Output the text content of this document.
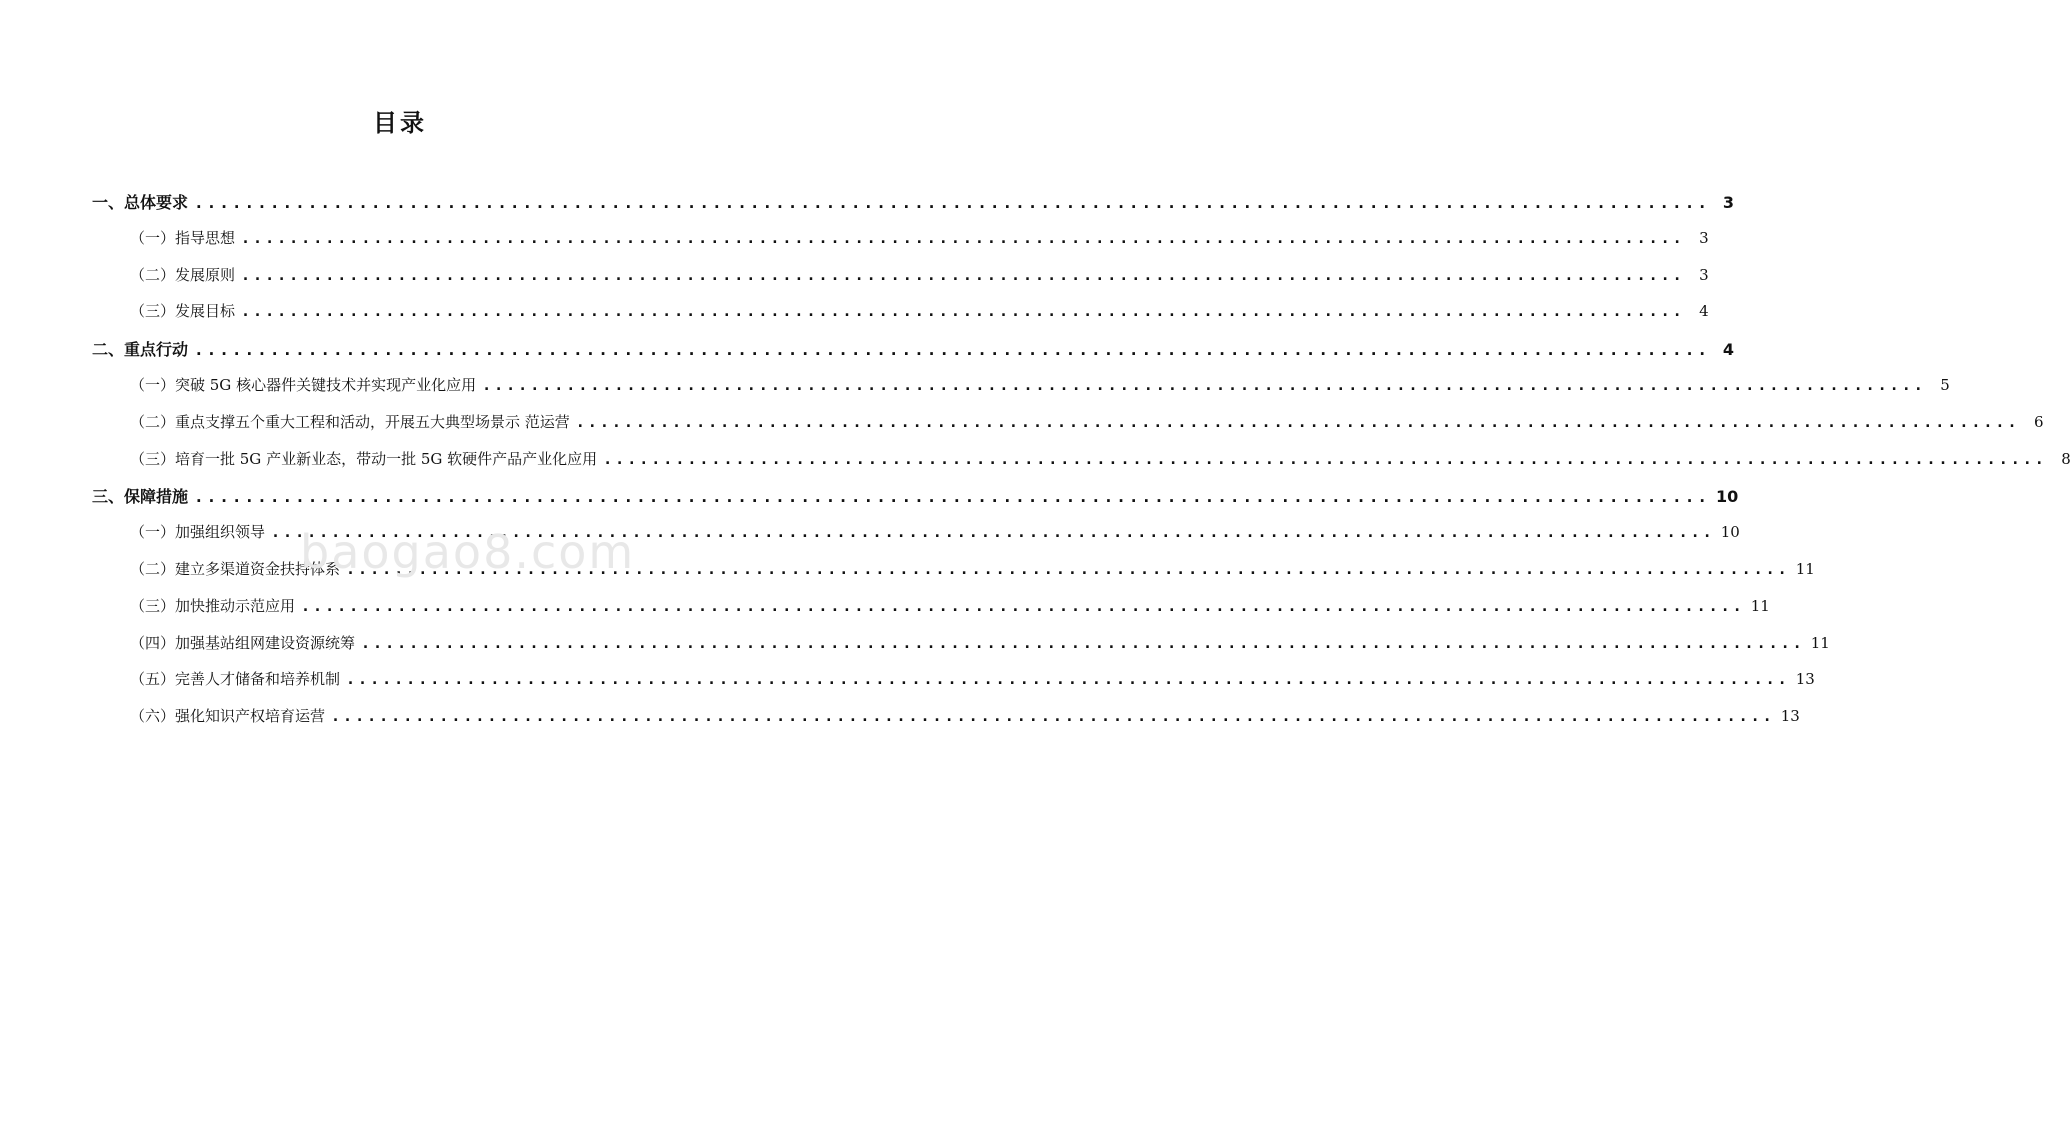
目录
一、总体要求 ........................................................................................................................ 3
（一）指导思想 ........................................................................................................................ 3
（二）发展原则 ........................................................................................................................ 3
（三）发展目标 ........................................................................................................................ 4
二、重点行动 ........................................................................................................................ 4
（一）突破 5G 核心器件关键技术并实现产业化应用 ........................................................................................................................ 5
（二）重点支撑五个重大工程和活动，开展五大典型场景示 范运营 ........................................................................................................................ 6
（三）培育一批 5G 产业新业态，带动一批 5G 软硬件产品产业化应用 ........................................................................................................................ 8
三、保障措施 ........................................................................................................................ 10
（一）加强组织领导 ........................................................................................................................ 10
（二）建立多渠道资金扶持体系 ........................................................................................................................ 11
（三）加快推动示范应用 ........................................................................................................................ 11
（四）加强基站组网建设资源统筹 ........................................................................................................................ 11
（五）完善人才储备和培养机制 ........................................................................................................................ 13
（六）强化知识产权培育运营 ........................................................................................................................ 13
baogao8.com
